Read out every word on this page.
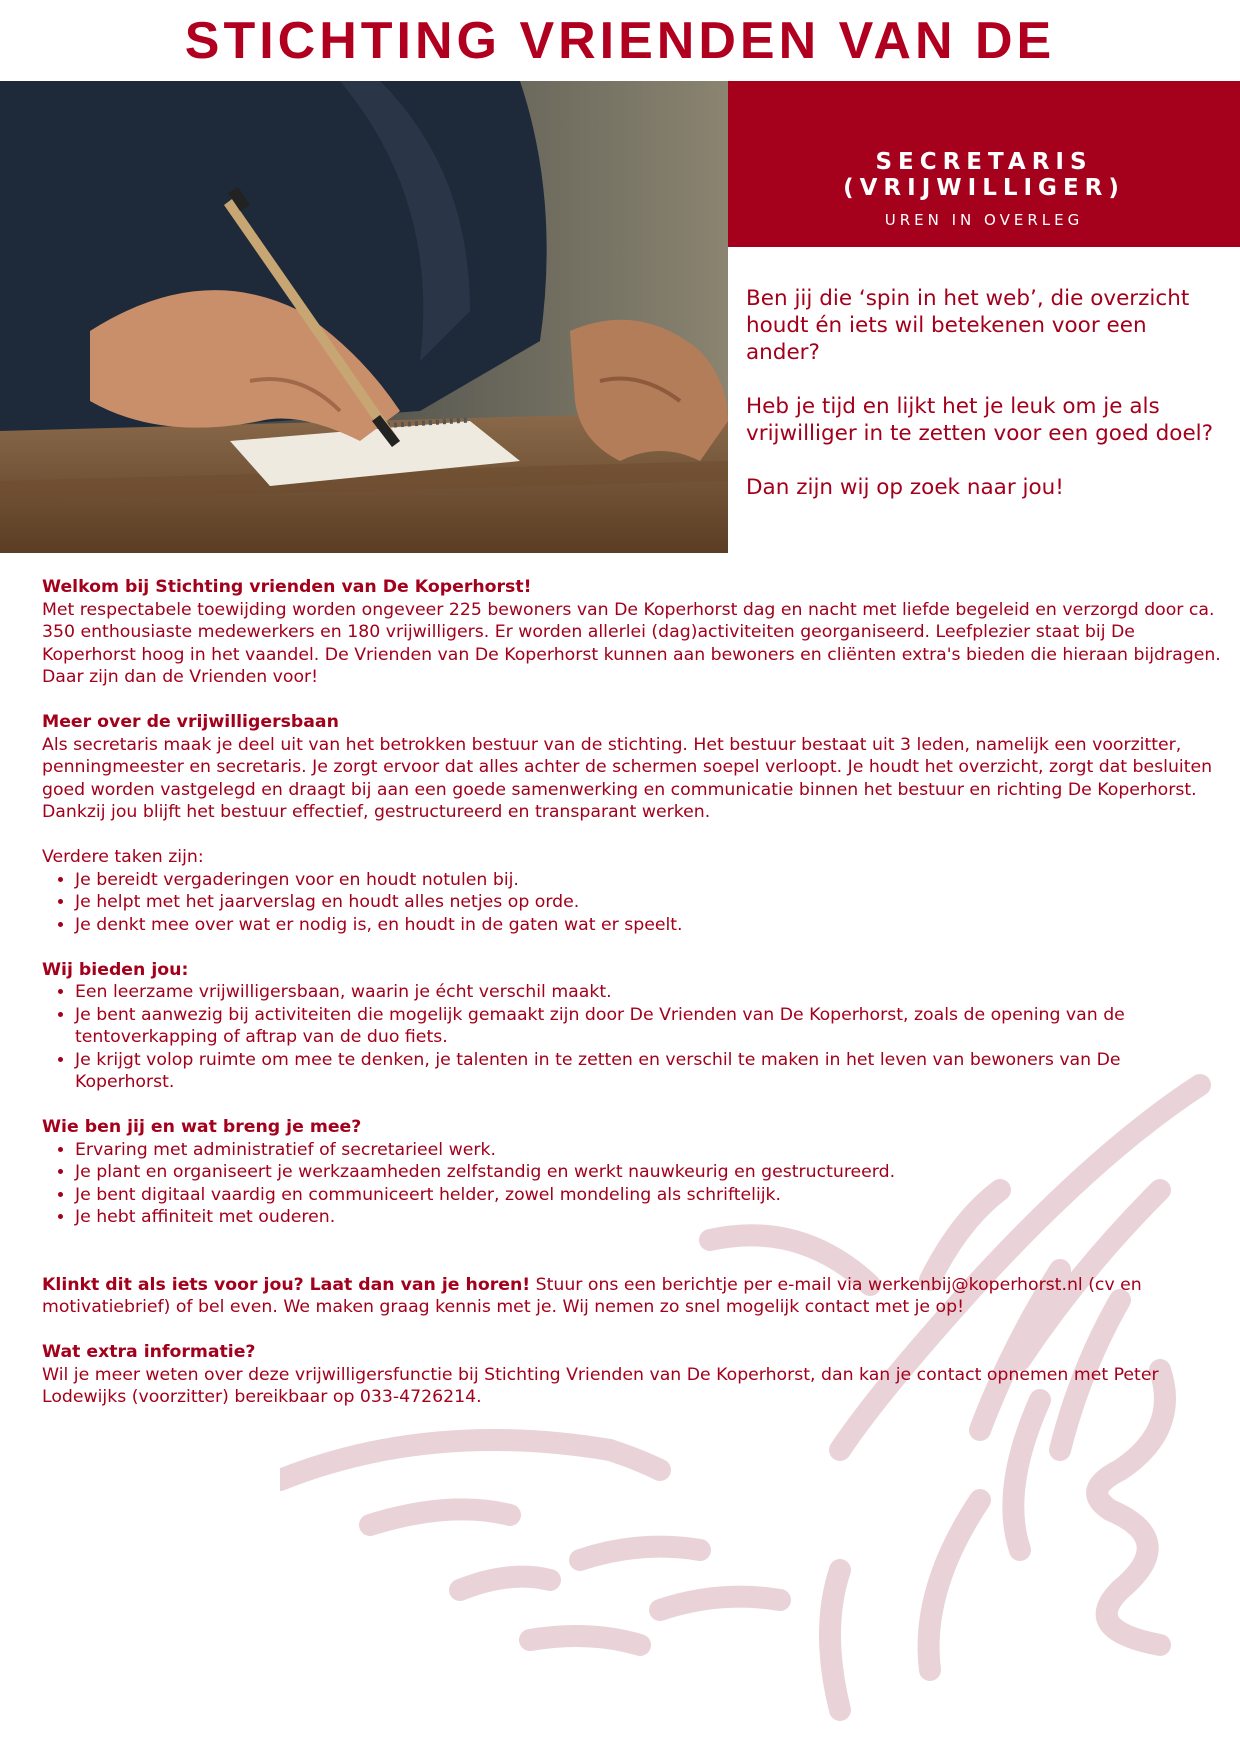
STICHTING VRIENDEN VAN DE
SECRETARIS (VRIJWILLIGER)
UREN IN OVERLEG

Ben jij die ‘spin in het web’, die overzicht houdt én iets wil betekenen voor een ander?

Heb je tijd en lijkt het je leuk om je als vrijwilliger in te zetten voor een goed doel?

Dan zijn wij op zoek naar jou!

Welkom bij Stichting vrienden van De Koperhorst!

Met respectabele toewijding worden ongeveer 225 bewoners van De Koperhorst dag en nacht met liefde begeleid en verzorgd door ca. 350 enthousiaste medewerkers en 180 vrijwilligers. Er worden allerlei (dag)activiteiten georganiseerd. Leefplezier staat bij De Koperhorst hoog in het vaandel. De Vrienden van De Koperhorst kunnen aan bewoners en cliënten extra's bieden die hieraan bijdragen. Daar zijn dan de Vrienden voor!

Meer over de vrijwilligersbaan

Als secretaris maak je deel uit van het betrokken bestuur van de stichting. Het bestuur bestaat uit 3 leden, namelijk een voorzitter, penningmeester en secretaris. Je zorgt ervoor dat alles achter de schermen soepel verloopt. Je houdt het overzicht, zorgt dat besluiten goed worden vastgelegd en draagt bij aan een goede samenwerking en communicatie binnen het bestuur en richting De Koperhorst. Dankzij jou blijft het bestuur effectief, gestructureerd en transparant werken.

Verdere taken zijn:

• Je bereidt vergaderingen voor en houdt notulen bij.
• Je helpt met het jaarverslag en houdt alles netjes op orde.
• Je denkt mee over wat er nodig is, en houdt in de gaten wat er speelt.

Wij bieden jou:

• Een leerzame vrijwilligersbaan, waarin je écht verschil maakt.
• Je bent aanwezig bij activiteiten die mogelijk gemaakt zijn door De Vrienden van De Koperhorst, zoals de opening van de tentoverkapping of aftrap van de duo fiets.
• Je krijgt volop ruimte om mee te denken, je talenten in te zetten en verschil te maken in het leven van bewoners van De Koperhorst.

Wie ben jij en wat breng je mee?

• Ervaring met administratief of secretarieel werk.
• Je plant en organiseert je werkzaamheden zelfstandig en werkt nauwkeurig en gestructureerd.
• Je bent digitaal vaardig en communiceert helder, zowel mondeling als schriftelijk.
• Je hebt affiniteit met ouderen.

Klinkt dit als iets voor jou? Laat dan van je horen! Stuur ons een berichtje per e-mail via werkenbij@koperhorst.nl (cv en motivatiebrief) of bel even. We maken graag kennis met je. Wij nemen zo snel mogelijk contact met je op!

Wat extra informatie?

Wil je meer weten over deze vrijwilligersfunctie bij Stichting Vrienden van De Koperhorst, dan kan je contact opnemen met Peter Lodewijks (voorzitter) bereikbaar op 033-4726214.
